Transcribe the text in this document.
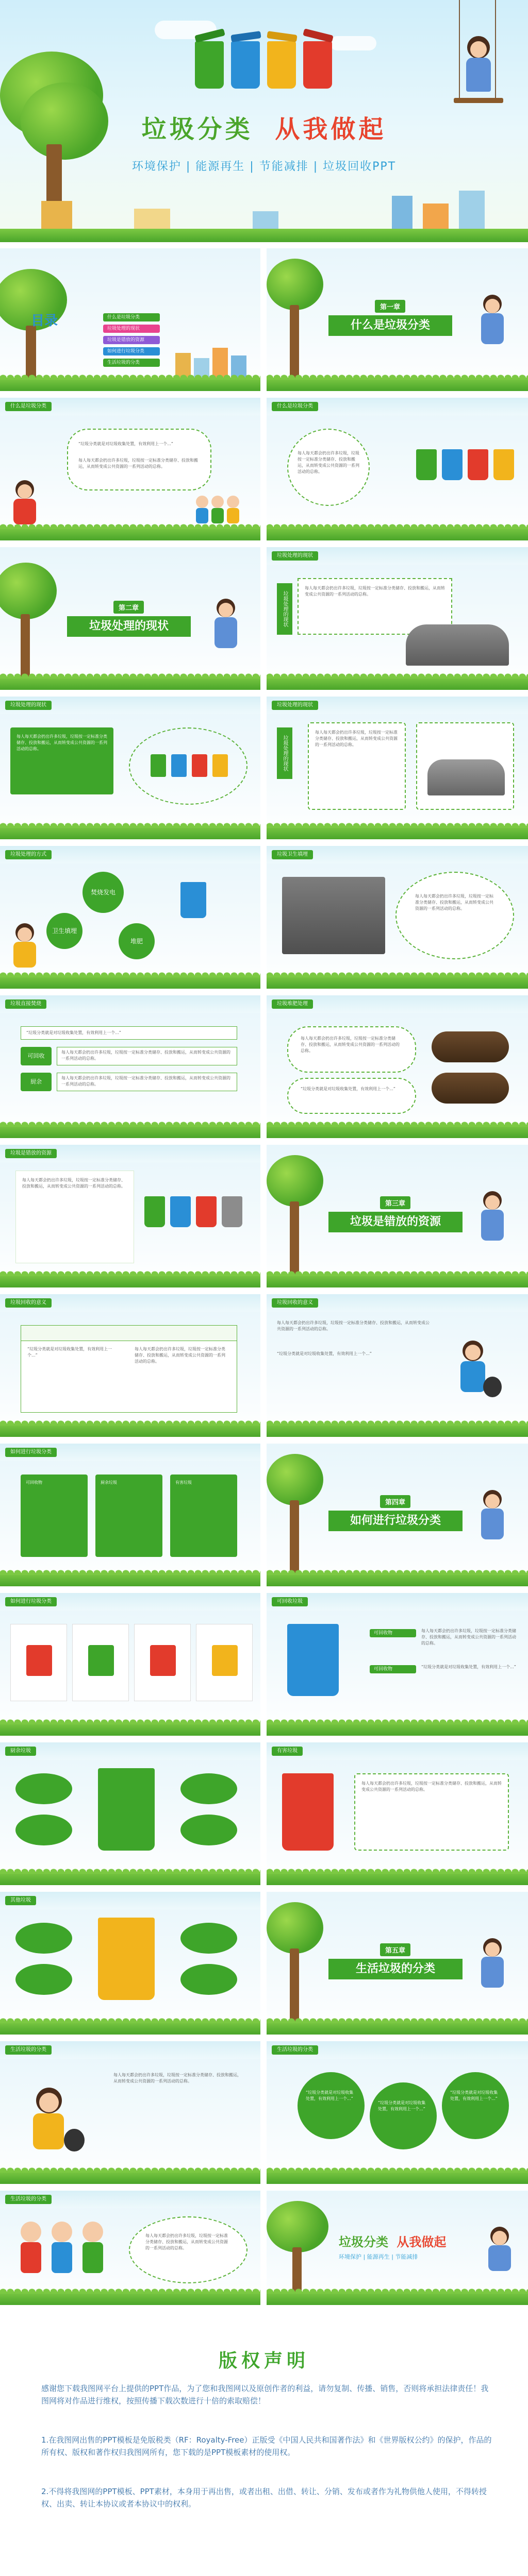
垃圾分类 从我做起
环境保护 | 能源再生 | 节能减排 | 垃圾回收PPT
目录	什么是垃圾分类
垃圾处理的现状
垃圾是错放的资源
如何进行垃圾分类
生活垃圾的分类
第一章
什么是垃圾分类
什么是垃圾分类
“垃圾分类就是对垃圾收集处置，有效利用上一个...”
每人每天都会扔出许多垃圾，垃圾按一定标准分类储存、投放和搬运，从而转变成公共资源的一系列活动的总称。
什么是垃圾分类
每人每天都会扔出许多垃圾，垃圾按一定标准分类储存、投放和搬运，从而转变成公共资源的一系列活动的总称。
第二章
垃圾处理的现状
垃圾处理的现状
每人每天都会扔出许多垃圾，垃圾按一定标准分类储存、投放和搬运，从而转变成公共资源的一系列活动的总称。
垃圾处理的现状
垃圾处理的现状
每人每天都会扔出许多垃圾，垃圾按一定标准分类储存、投放和搬运，从而转变成公共资源的一系列活动的总称。
垃圾处理的现状
垃圾处理的现状
每人每天都会扔出许多垃圾，垃圾按一定标准分类储存、投放和搬运，从而转变成公共资源的一系列活动的总称。
垃圾处理的方式
焚烧发电
卫生填埋
堆肥
垃圾卫生填埋
每人每天都会扔出许多垃圾，垃圾按一定标准分类储存、投放和搬运，从而转变成公共资源的一系列活动的总称。
垃圾直接焚烧
“垃圾分类就是对垃圾收集处置，有效利用上一个...”
可回收
每人每天都会扔出许多垃圾，垃圾按一定标准分类储存、投放和搬运，从而转变成公共资源的一系列活动的总称。
厨余
每人每天都会扔出许多垃圾，垃圾按一定标准分类储存、投放和搬运，从而转变成公共资源的一系列活动的总称。
垃圾堆肥处理
每人每天都会扔出许多垃圾，垃圾按一定标准分类储存、投放和搬运，从而转变成公共资源的一系列活动的总称。
“垃圾分类就是对垃圾收集处置，有效利用上一个...”
垃圾是错放的资源
每人每天都会扔出许多垃圾，垃圾按一定标准分类储存、投放和搬运，从而转变成公共资源的一系列活动的总称。
第三章
垃圾是错放的资源
垃圾回收的意义
“垃圾分类就是对垃圾收集处置，有效利用上一个...”
每人每天都会扔出许多垃圾，垃圾按一定标准分类储存、投放和搬运，从而转变成公共资源的一系列活动的总称。
垃圾回收的意义
每人每天都会扔出许多垃圾，垃圾按一定标准分类储存、投放和搬运，从而转变成公共资源的一系列活动的总称。
“垃圾分类就是对垃圾收集处置，有效利用上一个...”
如何进行垃圾分类
可回收物	厨余垃圾	有害垃圾
第四章
如何进行垃圾分类
如何进行垃圾分类	可回收垃圾
可回收物	每人每天都会扔出许多垃圾，垃圾按一定标准分类储存、投放和搬运，从而转变成公共资源的一系列活动的总称。
可回收物	“垃圾分类就是对垃圾收集处置，有效利用上一个...”
厨余垃圾	有害垃圾
每人每天都会扔出许多垃圾，垃圾按一定标准分类储存、投放和搬运，从而转变成公共资源的一系列活动的总称。
其他垃圾
第五章
生活垃圾的分类
生活垃圾的分类
每人每天都会扔出许多垃圾，垃圾按一定标准分类储存、投放和搬运，从而转变成公共资源的一系列活动的总称。
生活垃圾的分类
“垃圾分类就是对垃圾收集处置，有效利用上一个...”
“垃圾分类就是对垃圾收集处置，有效利用上一个...”
“垃圾分类就是对垃圾收集处置，有效利用上一个...”
生活垃圾的分类
每人每天都会扔出许多垃圾，垃圾按一定标准分类储存、投放和搬运，从而转变成公共资源的一系列活动的总称。	垃圾分类 从我做起
环境保护 | 能源再生 | 节能减排
版权声明
感谢您下载我图网平台上提供的PPT作品，为了您和我图网以及原创作者的利益，请勿复制、传播、销售，否则将承担法律责任！我图网将对作品进行维权，按照传播下载次数进行十倍的索取赔偿！
1.在我图网出售的PPT模板是免版税类（RF：Royalty-Free）正版受《中国人民共和国著作法》和《世界版权公约》的保护，作品的所有权、版权和著作权归我图网所有，您下载的是PPT模板素材的使用权。
2.不得将我图网的PPT模板、PPT素材，本身用于再出售，或者出租、出借、转让、分销、发布或者作为礼物供他人使用，不得转授权、出卖、转让本协议或者本协议中的权利。
